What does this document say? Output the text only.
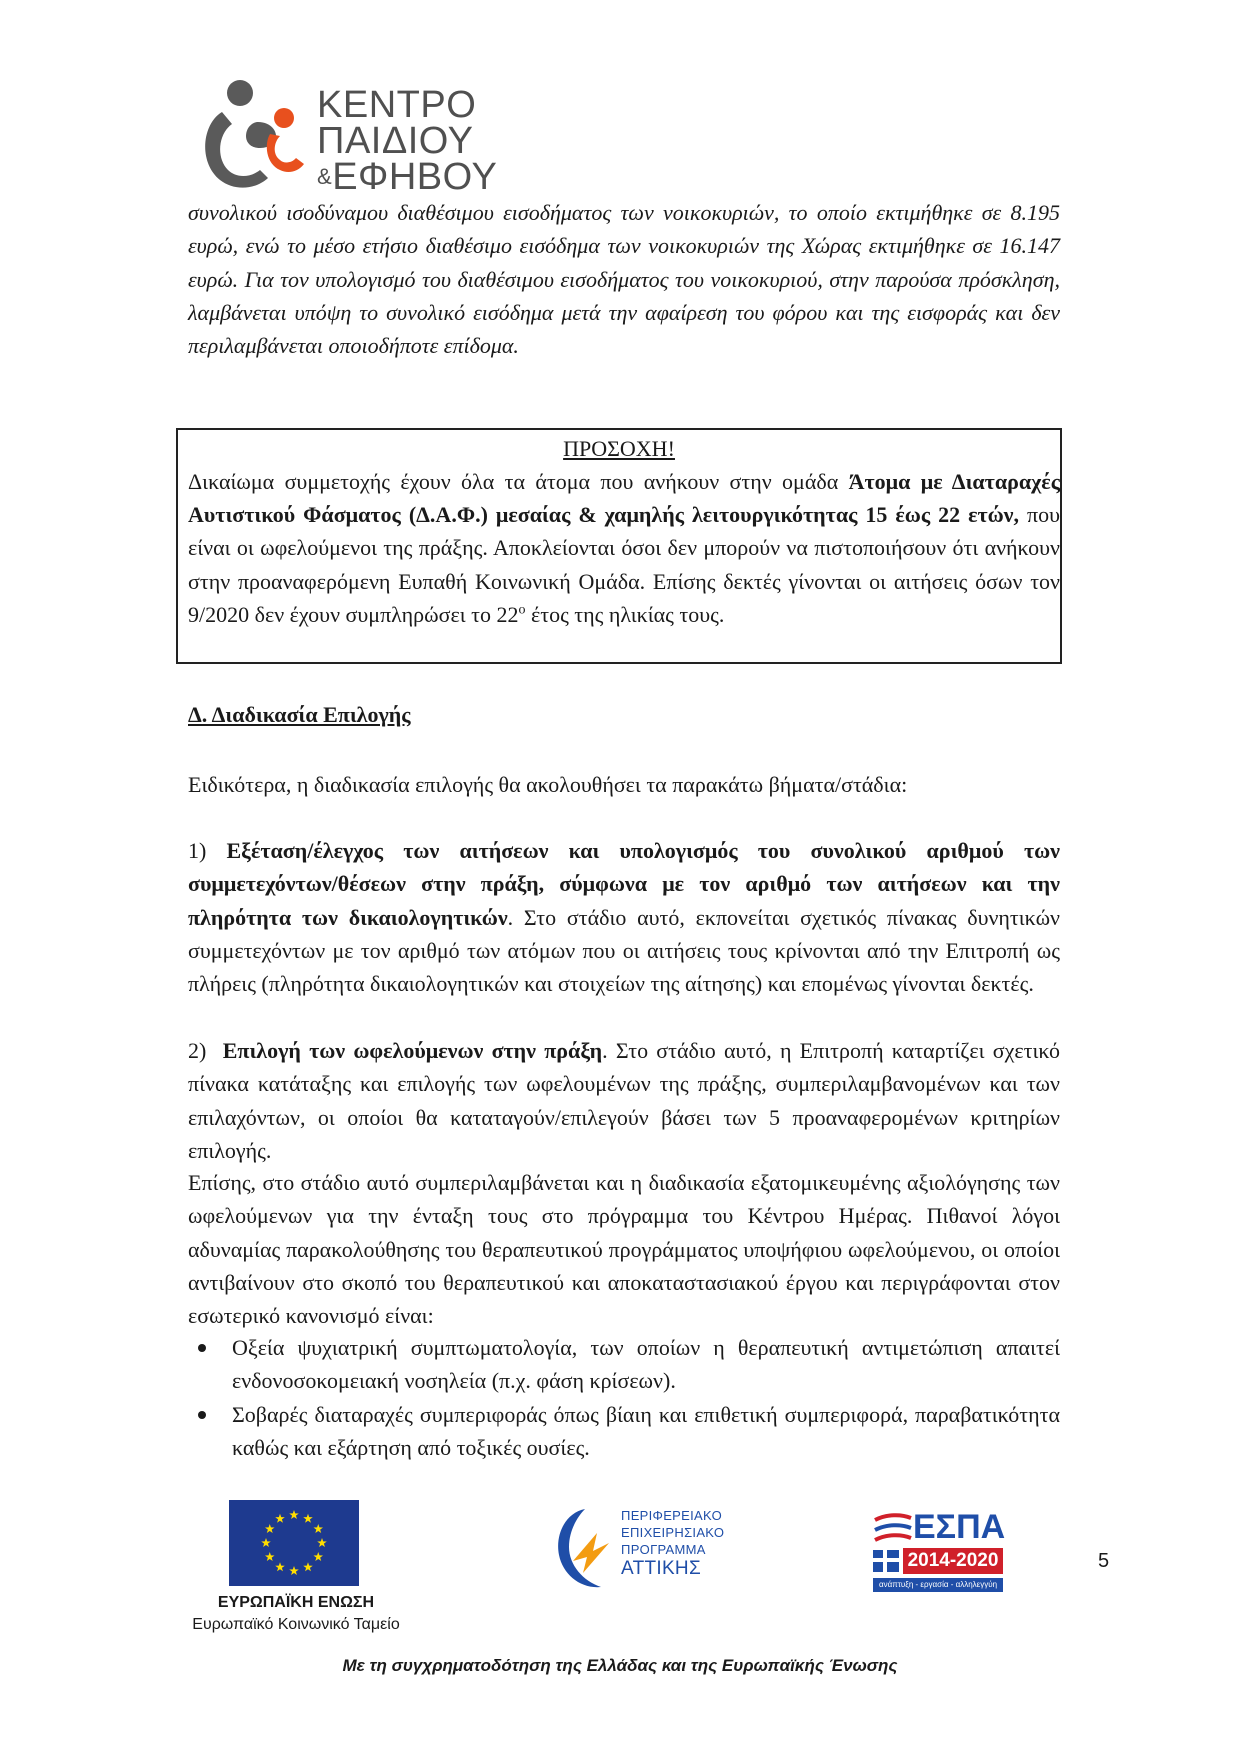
ΚΕΝΤΡΟ
ΠΑΙΔΙΟΥ
&ΕΦΗΒΟΥ
συνολικού ισοδύναμου διαθέσιμου εισοδήματος των νοικοκυριών, το οποίο εκτιμήθηκε σε 8.195 ευρώ, ενώ το μέσο ετήσιο διαθέσιμο εισόδημα των νοικοκυριών της Χώρας εκτιμήθηκε σε 16.147 ευρώ. Για τον υπολογισμό του διαθέσιμου εισοδήματος του νοικοκυριού, στην παρούσα πρόσκληση, λαμβάνεται υπόψη το συνολικό εισόδημα μετά την αφαίρεση του φόρου και της εισφοράς και δεν περιλαμβάνεται οποιοδήποτε επίδομα.
ΠΡΟΣΟΧΗ!
Δικαίωμα συμμετοχής έχουν όλα τα άτομα που ανήκουν στην ομάδα Άτομα με Διαταραχές Αυτιστικού Φάσματος (Δ.Α.Φ.) μεσαίας & χαμηλής λειτουργικότητας 15 έως 22 ετών, που είναι οι ωφελούμενοι της πράξης. Αποκλείονται όσοι δεν μπορούν να πιστοποιήσουν ότι ανήκουν στην προαναφερόμενη Ευπαθή Κοινωνική Ομάδα. Επίσης δεκτές γίνονται οι αιτήσεις όσων τον 9/2020 δεν έχουν συμπληρώσει το $22^o$ έτος της ηλικίας τους.
Δ. Διαδικασία Επιλογής
Ειδικότερα, η διαδικασία επιλογής θα ακολουθήσει τα παρακάτω βήματα/στάδια:
1) Εξέταση/έλεγχος των αιτήσεων και υπολογισμός του συνολικού αριθμού των συμμετεχόντων/θέσεων στην πράξη, σύμφωνα με τον αριθμό των αιτήσεων και την πληρότητα των δικαιολογητικών. Στο στάδιο αυτό, εκπονείται σχετικός πίνακας δυνητικών συμμετεχόντων με τον αριθμό των ατόμων που οι αιτήσεις τους κρίνονται από την Επιτροπή ως πλήρεις (πληρότητα δικαιολογητικών και στοιχείων της αίτησης) και επομένως γίνονται δεκτές.
2)  Επιλογή των ωφελούμενων στην πράξη. Στο στάδιο αυτό, η Επιτροπή καταρτίζει σχετικό πίνακα κατάταξης και επιλογής των ωφελουμένων της πράξης, συμπεριλαμβανομένων και των επιλαχόντων, οι οποίοι θα καταταγούν/επιλεγούν βάσει των 5 προαναφερομένων κριτηρίων επιλογής.
Επίσης, στο στάδιο αυτό συμπεριλαμβάνεται και η διαδικασία εξατομικευμένης αξιολόγησης των ωφελούμενων για την ένταξη τους στο πρόγραμμα του Κέντρου Ημέρας. Πιθανοί λόγοι αδυναμίας παρακολούθησης του θεραπευτικού προγράμματος υποψήφιου ωφελούμενου, οι οποίοι αντιβαίνουν στο σκοπό του θεραπευτικού και αποκαταστασιακού έργου και περιγράφονται στον εσωτερικό κανονισμό είναι:
Οξεία ψυχιατρική συμπτωματολογία, των οποίων η θεραπευτική αντιμετώπιση απαιτεί ενδονοσοκομειακή νοσηλεία (π.χ. φάση κρίσεων).
Σοβαρές διαταραχές συμπεριφοράς όπως βίαιη και επιθετική συμπεριφορά, παραβατικότητα καθώς και εξάρτηση από τοξικές ουσίες.
ΕΥΡΩΠΑΪΚΗ ΕΝΩΣΗ
Ευρωπαϊκό Κοινωνικό Ταμείο
ΠΕΡΙΦΕΡΕΙΑΚΟ
ΕΠΙΧΕΙΡΗΣΙΑΚΟ
ΠΡΟΓΡΑΜΜΑ
ΑΤΤΙΚΗΣ
ΕΣΠΑ
2014-2020
ανάπτυξη - εργασία - αλληλεγγύη
5
Με τη συγχρηματοδότηση της Ελλάδας και της Ευρωπαϊκής Ένωσης
